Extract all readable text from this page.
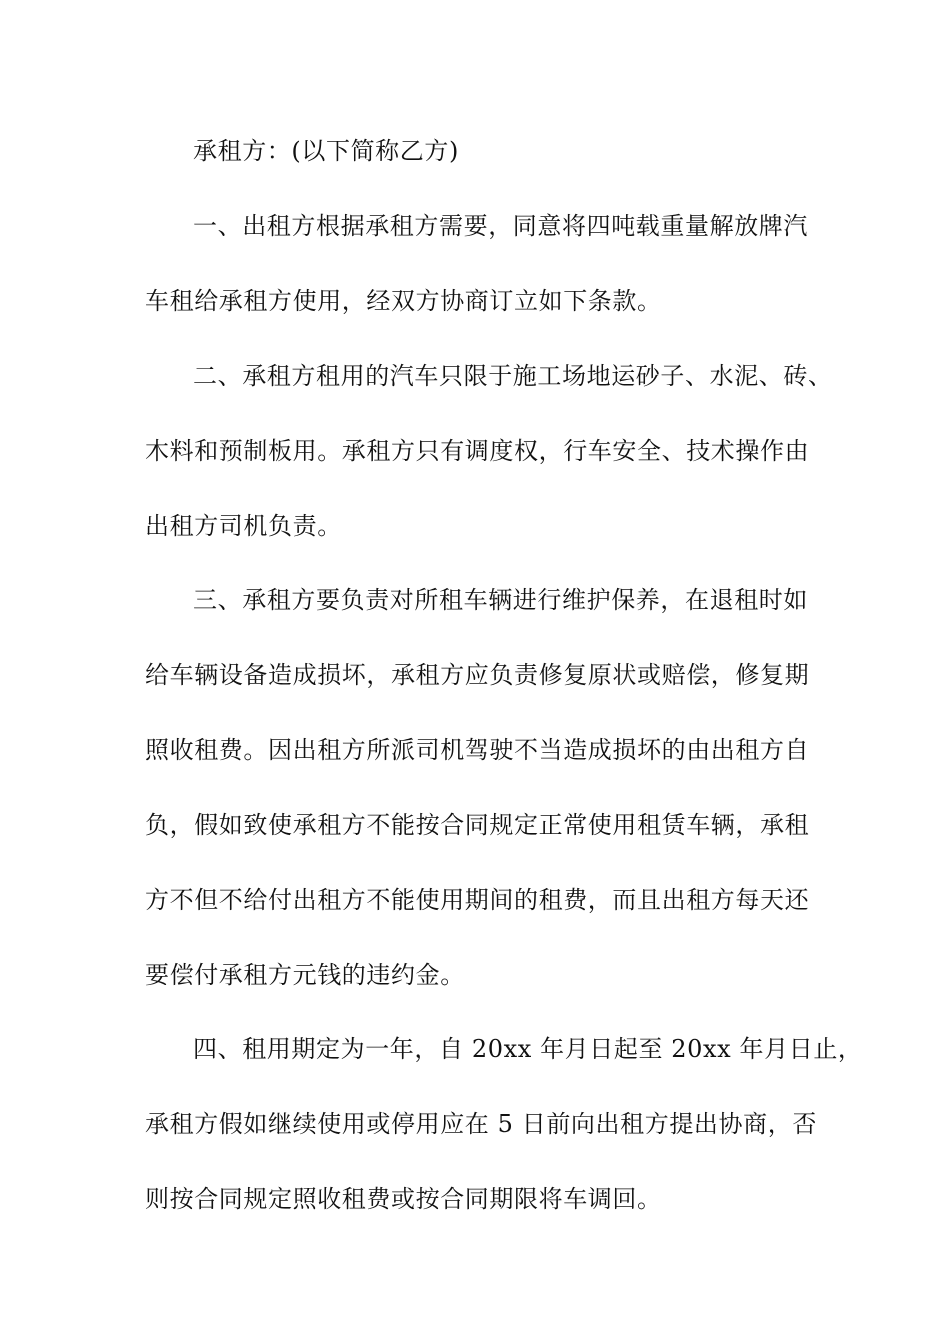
承租方：(以下简称乙方)
一、出租方根据承租方需要，同意将四吨载重量解放牌汽
车租给承租方使用，经双方协商订立如下条款。
二、承租方租用的汽车只限于施工场地运砂子、水泥、砖、
木料和预制板用。承租方只有调度权，行车安全、技术操作由
出租方司机负责。
三、承租方要负责对所租车辆进行维护保养，在退租时如
给车辆设备造成损坏，承租方应负责修复原状或赔偿，修复期
照收租费。因出租方所派司机驾驶不当造成损坏的由出租方自
负，假如致使承租方不能按合同规定正常使用租赁车辆，承租
方不但不给付出租方不能使用期间的租费，而且出租方每天还
要偿付承租方元钱的违约金。
四、租用期定为一年，自 20xx 年月日起至 20xx 年月日止，
承租方假如继续使用或停用应在 5 日前向出租方提出协商，否
则按合同规定照收租费或按合同期限将车调回。
